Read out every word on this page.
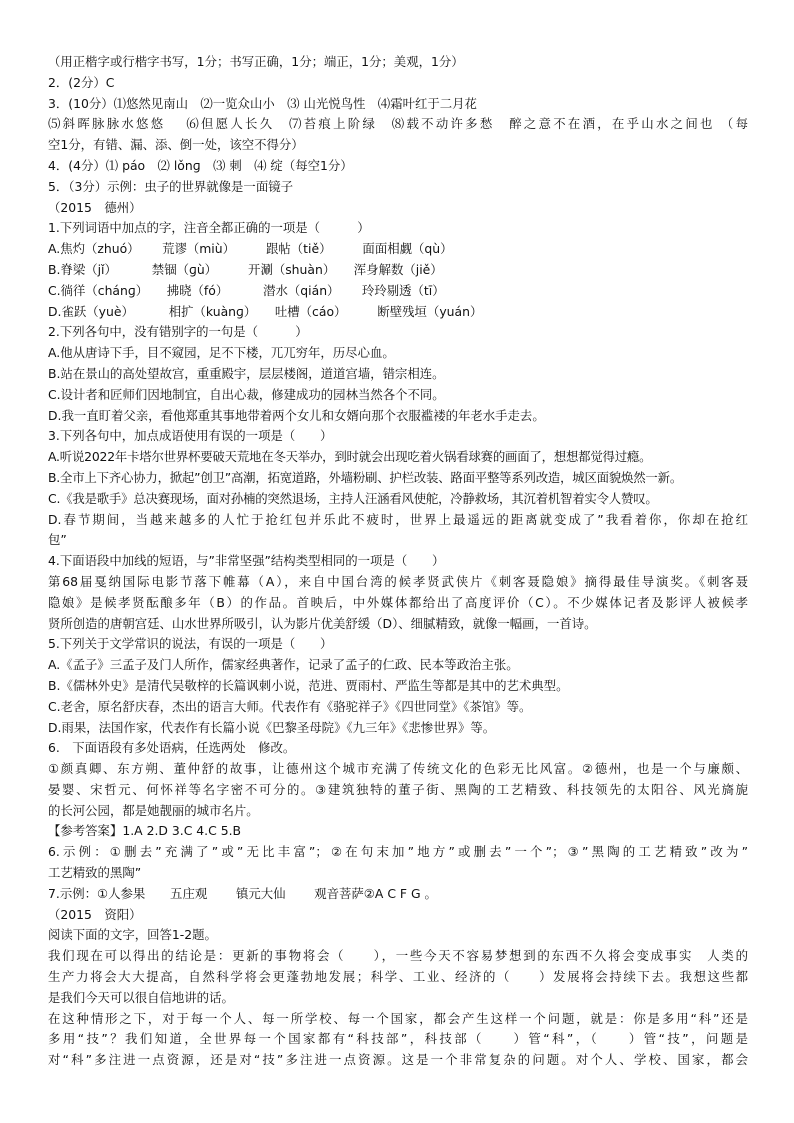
（用正楷字或行楷字书写，1分；书写正确，1分；端正，1分；美观，1分）

2．(2分）C

3．(10分）⑴悠然见南山　⑵一览众山小　⑶ 山光悦鸟性　⑷霜叶红于二月花

⑸斜晖脉脉水悠悠　 ⑹但愿人长久　⑺苔痕上阶绿　⑻载不动许多愁　醉之意不在酒，在乎山水之间也 （每

空1分，有错、漏、添、倒一处，该空不得分）

4．(4分）⑴ páo　⑵ lǒnɡ　⑶ 刺　⑷ 绽（每空1分）

5．（3分）示例：虫子的世界就像是一面镜子

（2015　德州）

1.下列词语中加点的字，注音全都正确的一项是（　　　）

A.焦灼（zhuó）　　 荒谬（miù）　　　跟帖（tiě）　　　面面相觑（qù）

B.脊梁（jǐ）　　　 禁锢（ɡù）　　　开涮（shuàn）　　浑身解数（jiě）

C.徜徉（chánɡ）　　拂晓（fó）　　　 潜水（qián）　　 玲玲剔透（tī）

D.雀跃（yuè）　　　 相扩（kuànɡ）　　吐槽（cáo）　　　断壁残垣（yuán）

2.下列各句中，没有错别字的一句是（　　　）

A.他从唐诗下手，目不窥园，足不下楼，兀兀穷年，历尽心血。

B.站在景山的高处望故宫，重重殿宇，层层楼阁，道道宫墙，错宗相连。

C.设计者和匠师们因地制宜，自出心裁，修建成功的园林当然各个不同。

D.我一直盯着父亲，看他郑重其事地带着两个女儿和女婿向那个衣服褴褛的年老水手走去。

3.下列各句中，加点成语使用有误的一项是（　　）

A.听说2022年卡塔尔世界杯要破天荒地在冬天举办，到时就会出现吃着火锅看球赛的画面了，想想都觉得过瘾。

B.全市上下齐心协力，掀起”创卫”高潮，拓宽道路，外墙粉刷、护栏改装、路面平整等系列改造，城区面貌焕然一新。

C.《我是歌手》总决赛现场，面对孙楠的突然退场，主持人汪涵看风使舵，冷静救场，其沉着机智着实令人赞叹。

D.春节期间，当越来越多的人忙于抢红包并乐此不疲时，世界上最遥远的距离就变成了”我看着你，你却在抢红

包”

4.下面语段中加线的短语，与”非常坚强”结构类型相同的一项是（　　）

第68届戛纳国际电影节落下帷幕（A），来自中国台湾的候孝贤武侠片《刺客聂隐娘》摘得最佳导演奖。《刺客聂

隐娘》是候孝贤酝酿多年（B）的作品。首映后，中外媒体都给出了高度评价（C）。不少媒体记者及影评人被候孝

贤所创造的唐朝宫廷、山水世界所吸引，认为影片优美舒缓（D）、细腻精致，就像一幅画，一首诗。

5.下列关于文学常识的说法，有误的一项是（　　）

A.《孟子》三孟子及门人所作，儒家经典著作，记录了孟子的仁政、民本等政治主张。

B.《儒林外史》是清代吴敬梓的长篇讽刺小说，范进、贾雨村、严监生等都是其中的艺术典型。

C.老舍，原名舒庆春，杰出的语言大师。代表作有《骆驼祥子》《四世同堂》《茶馆》等。

D.雨果，法国作家，代表作有长篇小说《巴黎圣母院》《九三年》《悲惨世界》等。

6.　下面语段有多处语病，任选两处　修改。

①颜真卿、东方朔、董仲舒的故事，让德州这个城市充满了传统文化的色彩无比风富。②德州，也是一个与廉颇、

晏婴、宋哲元、何怀祥等名字密不可分的。③建筑独特的董子街、黑陶的工艺精致、科技领先的太阳谷、风光旖旎

的长河公园，都是她靓丽的城市名片。

【参考答案】1.A 2.D 3.C 4.C 5.B

6.示例：①删去”充满了”或”无比丰富”；②在句末加”地方”或删去”一个”；③”黑陶的工艺精致”改为”

工艺精致的黑陶”

7.示例：①人参果　　五庄观　　 镇元大仙　　 观音菩萨②A C F G 。

（2015　资阳）

阅读下面的文字，回答1-2题。

我们现在可以得出的结论是：更新的事物将会（　　），一些今天不容易梦想到的东西不久将会变成事实　人类的

生产力将会大大提高，自然科学将会更蓬勃地发展；科学、工业、经济的（　　）发展将会持续下去。我想这些都

是我们今天可以很自信地讲的话。

在这种情形之下，对于每一个人、每一所学校、每一个国家，都会产生这样一个问题，就是：你是多用“科”还是

多用“技”？我们知道，全世界每一个国家都有“科技部”，科技部（　　）管“科”，（　　）管“技”，问题是

对“科”多注进一点资源，还是对“技”多注进一点资源。这是一个非常复杂的问题。对个人、学校、国家，都会
